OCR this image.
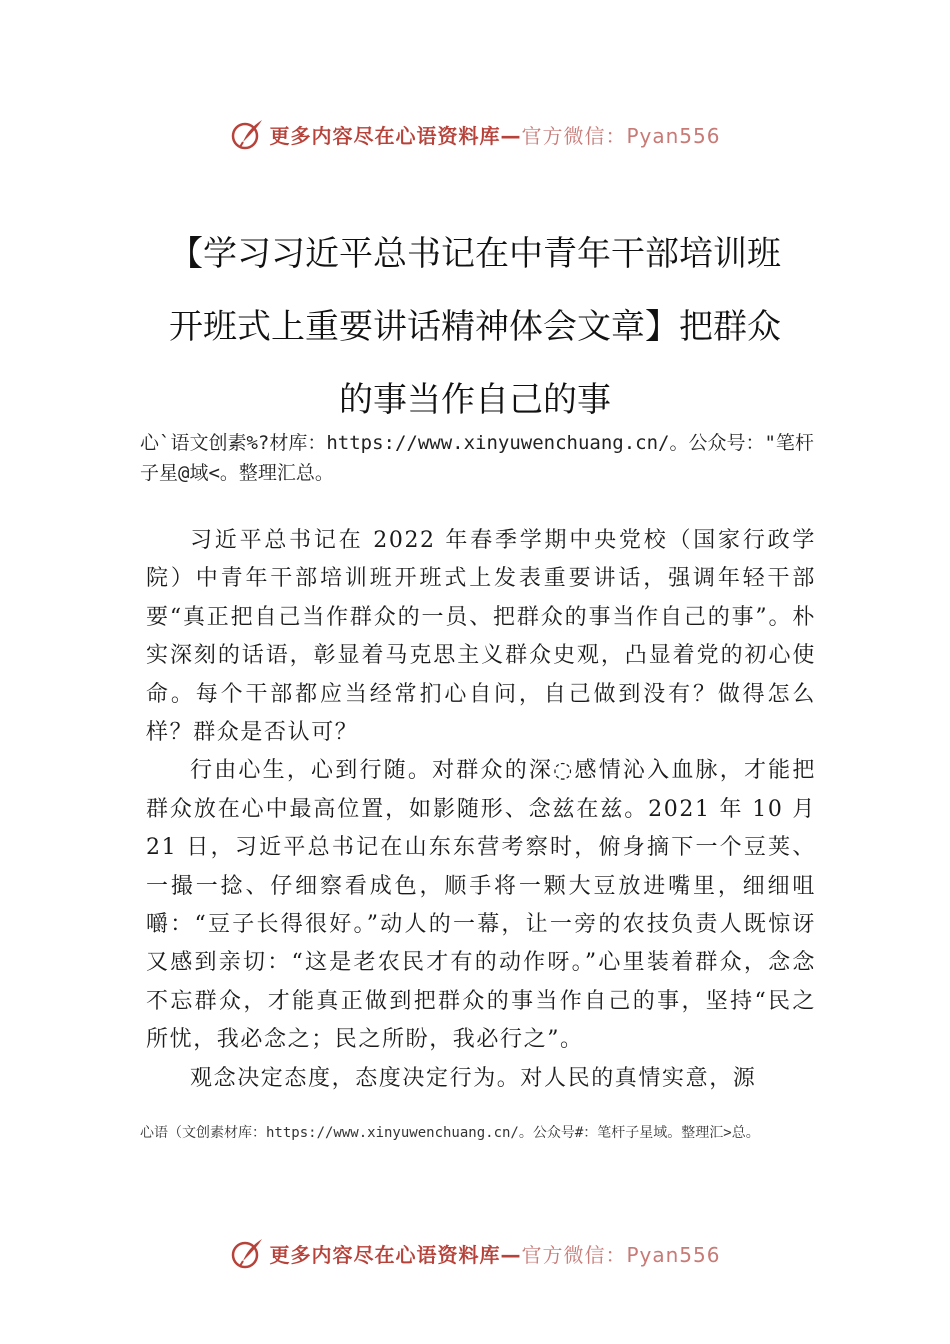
更多内容尽在心语资料库—官方微信：Pyan556
【学习习近平总书记在中青年干部培训班
开班式上重要讲话精神体会文章】把群众
的事当作自己的事
心`语文创素%?材库：https://www.xinyuwenchuang.cn/。公众号："笔杆子星@域<。整理汇总。

习近平总书记在 2022 年春季学期中央党校（国家行政学院）中青年干部培训班开班式上发表重要讲话，强调年轻干部要“真正把自己当作群众的一员、把群众的事当作自己的事”。朴实深刻的话语，彰显着马克思主义群众史观，凸显着党的初心使命。每个干部都应当经常扪心自问，自己做到没有？做得怎么样？群众是否认可？

行由心生，心到行随。对群众的深◌感情沁入血脉，才能把群众放在心中最高位置，如影随形、念兹在兹。2021 年 10 月 21 日，习近平总书记在山东东营考察时，俯身摘下一个豆荚、一撮一捻、仔细察看成色，顺手将一颗大豆放进嘴里，细细咀嚼：“豆子长得很好。”动人的一幕，让一旁的农技负责人既惊讶又感到亲切：“这是老农民才有的动作呀。”心里装着群众，念念不忘群众，才能真正做到把群众的事当作自己的事，坚持“民之所忧，我必念之；民之所盼，我必行之”。

观念决定态度，态度决定行为。对人民的真情实意，源

心语（文创素材库：https://www.xinyuwenchuang.cn/。公众号#：笔杆子星域。整理汇>总。
更多内容尽在心语资料库—官方微信：Pyan556
